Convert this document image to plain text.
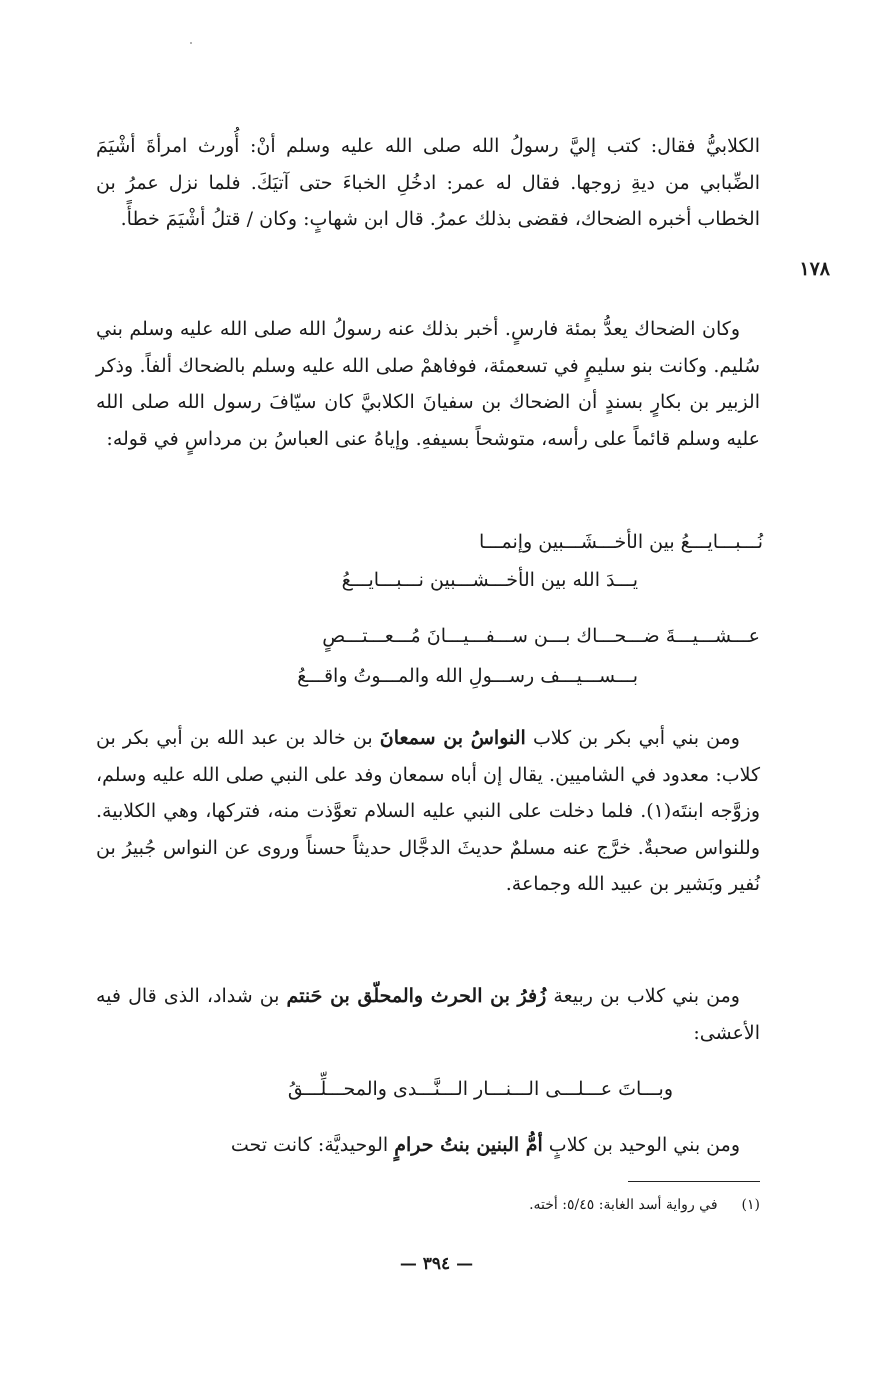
الكلابيُّ فقال: كتب إليَّ رسولُ الله صلى الله عليه وسلم أنْ: أُورث امرأةَ أشْيَمَ الضِّبابي من ديةِ زوجها. فقال له عمر: ادخُلِ الخباءَ حتى آتيَكَ. فلما نزل عمرُ بن الخطاب أخبره الضحاك، فقضى بذلك عمرُ. قال ابن شهابٍ: وكان / قتلُ أشْيَمَ خطأً.

١٧٨

وكان الضحاك يعدُّ بمئة فارسٍ. أخبر بذلك عنه رسولُ الله صلى الله عليه وسلم بني سُليم. وكانت بنو سليمٍ في تسعمئة، فوفاهمْ صلى الله عليه وسلم بالضحاك ألفاً. وذكر الزبير بن بكارٍ بسندٍ أن الضحاك بن سفيانَ الكلابيَّ كان سيّافَ رسول الله صلى الله عليه وسلم قائماً على رأسه، متوشحاً بسيفهِ. وإياهُ عنى العباسُ بن مرداسٍ في قوله:

نُـــبـــايـــعُ بين الأخـــشَـــبين وإنمـــا
يـــدَ الله بين الأخـــشـــبين نـــبـــايـــعُ
عـــشـــيـــةَ ضـــحـــاك بـــن ســـفـــيـــانَ مُـــعـــتـــصٍ
بـــســـيـــف رســـولِ الله والمـــوتُ واقـــعُ

ومن بني أبي بكر بن كلاب النواسُ بن سمعانَ بن خالد بن عبد الله بن أبي بكر بن كلاب: معدود في الشاميين. يقال إن أباه سمعان وفد على النبي صلى الله عليه وسلم، وزوَّجه ابنتَه(١). فلما دخلت على النبي عليه السلام تعوَّذت منه، فتركها، وهي الكلابية. وللنواس صحبةٌ. خرَّج عنه مسلمٌ حديثَ الدجَّال حديثاً حسناً وروى عن النواس جُبيرُ بن نُفير وبَشير بن عبيد الله وجماعة.

ومن بني كلاب بن ربيعة زُفرُ بن الحرث والمحلّق بن حَنتم بن شداد، الذى قال فيه الأعشى:

وبـــاتَ عـــلـــى الـــنـــار الـــنَّـــدى والمحـــلِّـــقُ

ومن بني الوحيد بن كلابٍ أمُّ البنين بنتُ حرامٍ الوحيديَّة: كانت تحت

(١)في رواية أسد الغابة: ٥/٤٥: أخته.
— ٣٩٤ —
